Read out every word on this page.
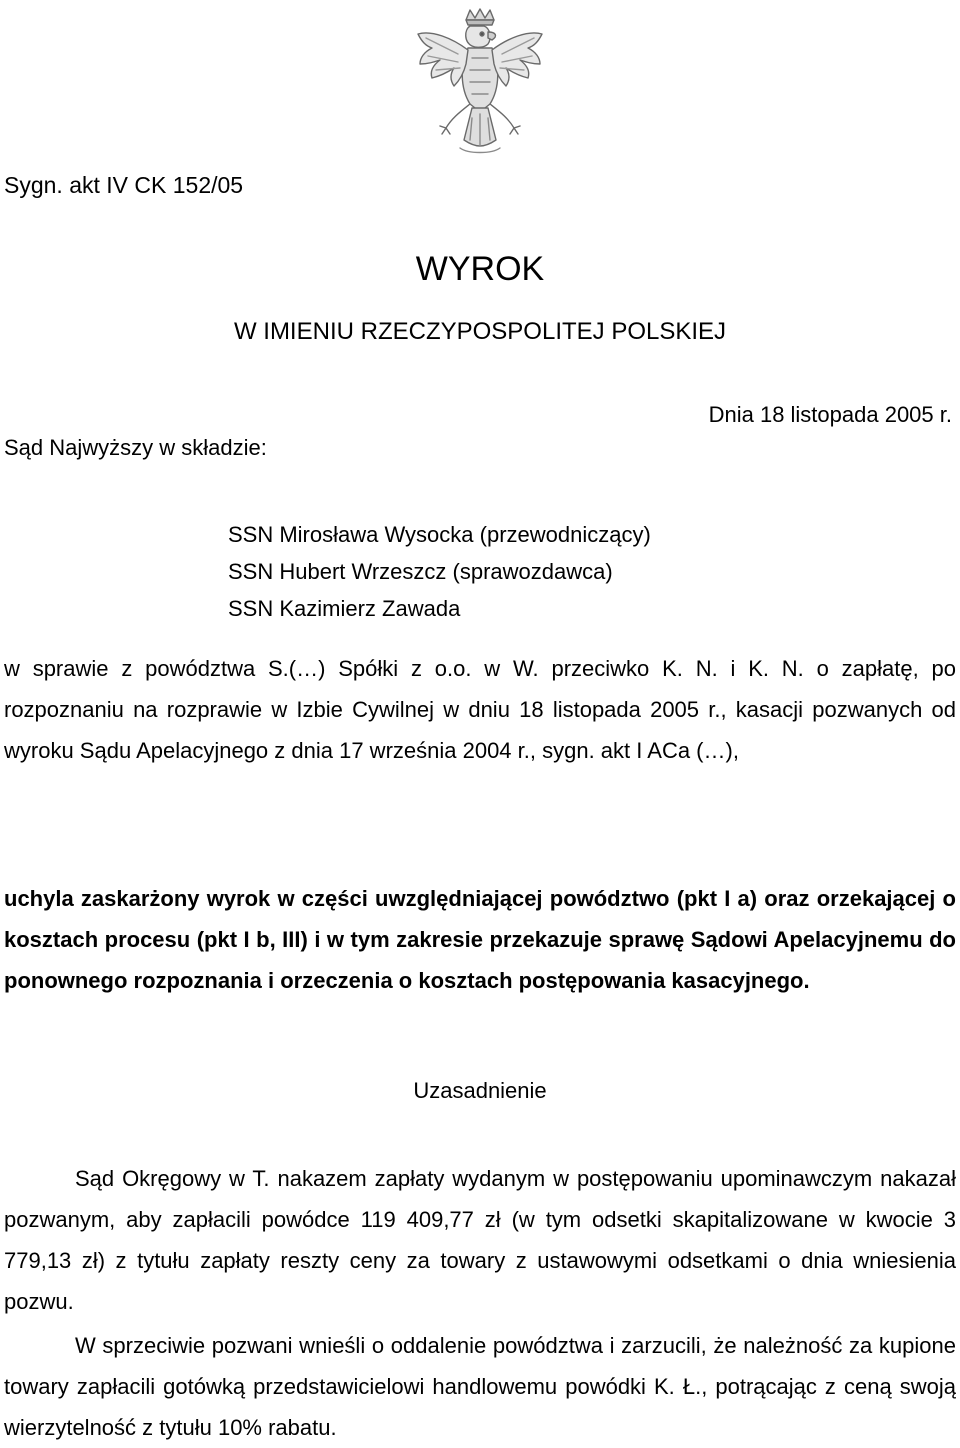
Sygn. akt IV CK 152/05
WYROK
W IMIENIU RZECZYPOSPOLITEJ POLSKIEJ
Dnia 18 listopada 2005 r.
Sąd Najwyższy w składzie:
SSN Mirosława Wysocka (przewodniczący)
SSN Hubert Wrzeszcz (sprawozdawca)
SSN Kazimierz Zawada
w sprawie z powództwa S.(…) Spółki z o.o. w W. przeciwko K. N. i K. N. o zapłatę, po rozpoznaniu na rozprawie w Izbie Cywilnej w dniu 18 listopada 2005 r., kasacji pozwanych od wyroku Sądu Apelacyjnego z dnia 17 września 2004 r., sygn. akt I ACa (…),
uchyla zaskarżony wyrok w części uwzględniającej powództwo (pkt I a) oraz orzekającej o kosztach procesu (pkt I b, III) i w tym zakresie przekazuje sprawę Sądowi Apelacyjnemu do ponownego rozpoznania i orzeczenia o kosztach postępowania kasacyjnego.
Uzasadnienie
Sąd Okręgowy w T. nakazem zapłaty wydanym w postępowaniu upominawczym nakazał pozwanym, aby zapłacili powódce 119 409,77 zł (w tym odsetki skapitalizowane w kwocie 3 779,13 zł) z tytułu zapłaty reszty ceny za towary z ustawowymi odsetkami o dnia wniesienia pozwu.
W sprzeciwie pozwani wnieśli o oddalenie powództwa i zarzucili, że należność za kupione towary zapłacili gotówką przedstawicielowi handlowemu powódki K. Ł., potrącając z ceną swoją wierzytelność z tytułu 10% rabatu.
